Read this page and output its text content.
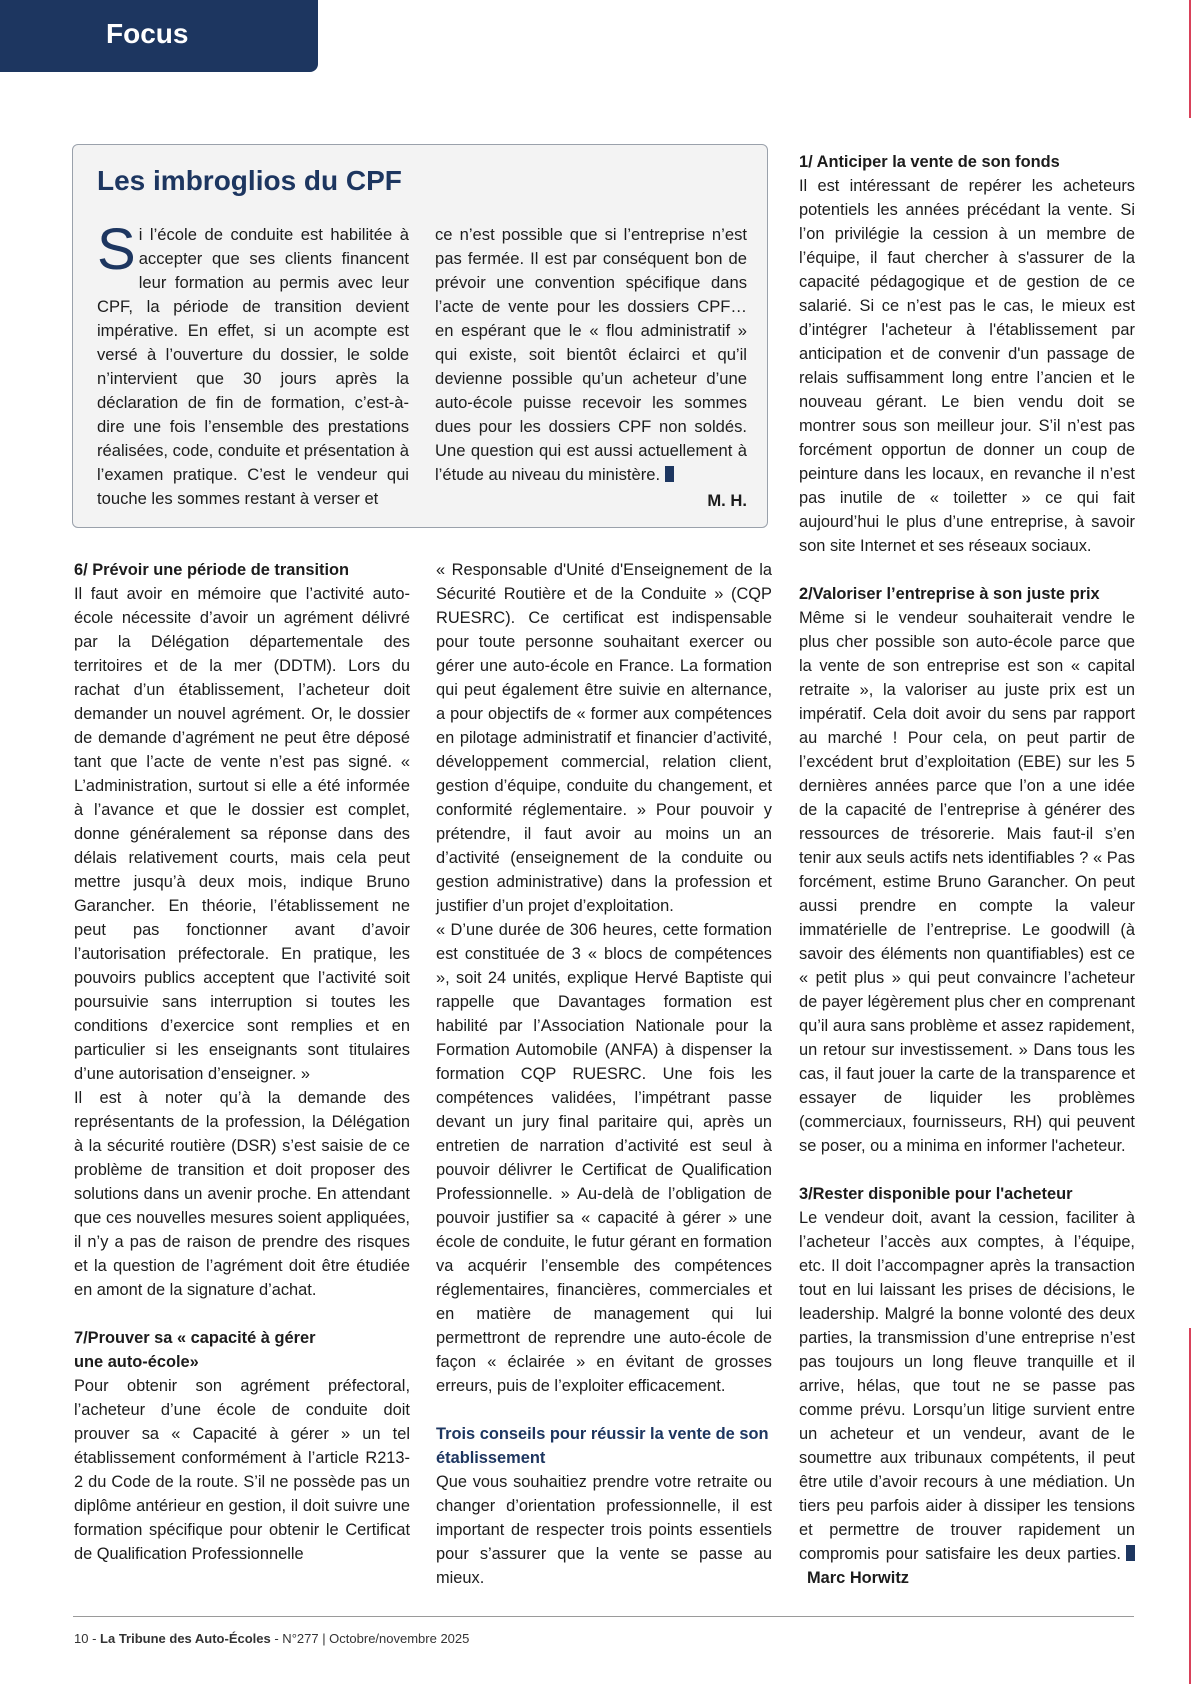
Focus
Les imbroglios du CPF
Si l’école de conduite est habilitée à accepter que ses clients financent leur formation au permis avec leur CPF, la période de transition devient impérative. En effet, si un acompte est versé à l’ouverture du dossier, le solde n’intervient que 30 jours après la déclaration de fin de formation, c’est-à-dire une fois l’ensemble des prestations réalisées, code, conduite et présentation à l’examen pratique. C’est le vendeur qui touche les sommes restant à verser et
ce n’est possible que si l’entreprise n’est pas fermée. Il est par conséquent bon de prévoir une convention spécifique dans l’acte de vente pour les dossiers CPF… en espérant que le « flou administratif » qui existe, soit bientôt éclairci et qu’il devienne possible qu’un acheteur d’une auto-école puisse recevoir les sommes dues pour les dossiers CPF non soldés. Une question qui est aussi actuellement à l’étude au niveau du ministère.
M. H.
6/ Prévoir une période de transition

Il faut avoir en mémoire que l’activité auto-école nécessite d’avoir un agrément délivré par la Délégation départementale des territoires et de la mer (DDTM). Lors du rachat d’un établissement, l’acheteur doit demander un nouvel agrément. Or, le dossier de demande d’agrément ne peut être déposé tant que l’acte de vente n’est pas signé. « L’administration, surtout si elle a été informée à l’avance et que le dossier est complet, donne généralement sa réponse dans des délais relativement courts, mais cela peut mettre jusqu’à deux mois, indique Bruno Garancher. En théorie, l’établissement ne peut pas fonctionner avant d’avoir l’autorisation préfectorale. En pratique, les pouvoirs publics acceptent que l’activité soit poursuivie sans interruption si toutes les conditions d’exercice sont remplies et en particulier si les enseignants sont titulaires d’une autorisation d’enseigner. »

Il est à noter qu’à la demande des représentants de la profession, la Délégation à la sécurité routière (DSR) s’est saisie de ce problème de transition et doit proposer des solutions dans un avenir proche. En attendant que ces nouvelles mesures soient appliquées, il n’y a pas de raison de prendre des risques et la question de l’agrément doit être étudiée en amont de la signature d’achat.

7/Prouver sa « capacité à gérer
une auto-école»

Pour obtenir son agrément préfectoral, l’acheteur d’une école de conduite doit prouver sa « Capacité à gérer » un tel établissement conformément à l’article R213-2 du Code de la route. S’il ne possède pas un diplôme antérieur en gestion, il doit suivre une formation spécifique pour obtenir le Certificat de Qualification Professionnelle

« Responsable d'Unité d'Enseignement de la Sécurité Routière et de la Conduite » (CQP RUESRC). Ce certificat est indispensable pour toute personne souhaitant exercer ou gérer une auto-école en France. La formation qui peut également être suivie en alternance, a pour objectifs de « former aux compétences en pilotage administratif et financier d’activité, développement commercial, relation client, gestion d’équipe, conduite du changement, et conformité réglementaire. » Pour pouvoir y prétendre, il faut avoir au moins un an d’activité (enseignement de la conduite ou gestion administrative) dans la profession et justifier d’un projet d’exploitation.

« D’une durée de 306 heures, cette formation est constituée de 3 « blocs de compétences », soit 24 unités, explique Hervé Baptiste qui rappelle que Davantages formation est habilité par l’Association Nationale pour la Formation Automobile (ANFA) à dispenser la formation CQP RUESRC. Une fois les compétences validées, l’impétrant passe devant un jury final paritaire qui, après un entretien de narration d’activité est seul à pouvoir délivrer le Certificat de Qualification Professionnelle. » Au-delà de l’obligation de pouvoir justifier sa « capacité à gérer » une école de conduite, le futur gérant en formation va acquérir l’ensemble des compétences réglementaires, financières, commerciales et en matière de management qui lui permettront de reprendre une auto-école de façon « éclairée » en évitant de grosses erreurs, puis de l’exploiter efficacement.

Trois conseils pour réussir la vente de son établissement

Que vous souhaitiez prendre votre retraite ou changer d’orientation professionnelle, il est important de respecter trois points essentiels pour s’assurer que la vente se passe au mieux.

1/ Anticiper la vente de son fonds

Il est intéressant de repérer les acheteurs potentiels les années précédant la vente. Si l’on privilégie la cession à un membre de l’équipe, il faut chercher à s'assurer de la capacité pédagogique et de gestion de ce salarié. Si ce n’est pas le cas, le mieux est d’intégrer l'acheteur à l'établissement par anticipation et de convenir d'un passage de relais suffisamment long entre l’ancien et le nouveau gérant. Le bien vendu doit se montrer sous son meilleur jour. S’il n’est pas forcément opportun de donner un coup de peinture dans les locaux, en revanche il n’est pas inutile de « toiletter » ce qui fait aujourd’hui le plus d’une entreprise, à savoir son site Internet et ses réseaux sociaux.

2/Valoriser l’entreprise à son juste prix

Même si le vendeur souhaiterait vendre le plus cher possible son auto-école parce que la vente de son entreprise est son « capital retraite », la valoriser au juste prix est un impératif. Cela doit avoir du sens par rapport au marché ! Pour cela, on peut partir de l’excédent brut d’exploitation (EBE) sur les 5 dernières années parce que l’on a une idée de la capacité de l’entreprise à générer des ressources de trésorerie. Mais faut-il s’en tenir aux seuls actifs nets identifiables ? « Pas forcément, estime Bruno Garancher. On peut aussi prendre en compte la valeur immatérielle de l’entreprise. Le goodwill (à savoir des éléments non quantifiables) est ce « petit plus » qui peut convaincre l’acheteur de payer légèrement plus cher en comprenant qu’il aura sans problème et assez rapidement, un retour sur investissement. » Dans tous les cas, il faut jouer la carte de la transparence et essayer de liquider les problèmes (commerciaux, fournisseurs, RH) qui peuvent se poser, ou a minima en informer l'acheteur.

3/Rester disponible pour l'acheteur

Le vendeur doit, avant la cession, faciliter à l’acheteur l’accès aux comptes, à l’équipe, etc. Il doit l’accompagner après la transaction tout en lui laissant les prises de décisions, le leadership. Malgré la bonne volonté des deux parties, la transmission d’une entreprise n’est pas toujours un long fleuve tranquille et il arrive, hélas, que tout ne se passe pas comme prévu. Lorsqu’un litige survient entre un acheteur et un vendeur, avant de le soumettre aux tribunaux compétents, il peut être utile d’avoir recours à une médiation. Un tiers peu parfois aider à dissiper les tensions et permettre de trouver rapidement un compromis pour satisfaire les deux parties.Marc Horwitz

10 - La Tribune des Auto-Écoles - N°277 | Octobre/novembre 2025
